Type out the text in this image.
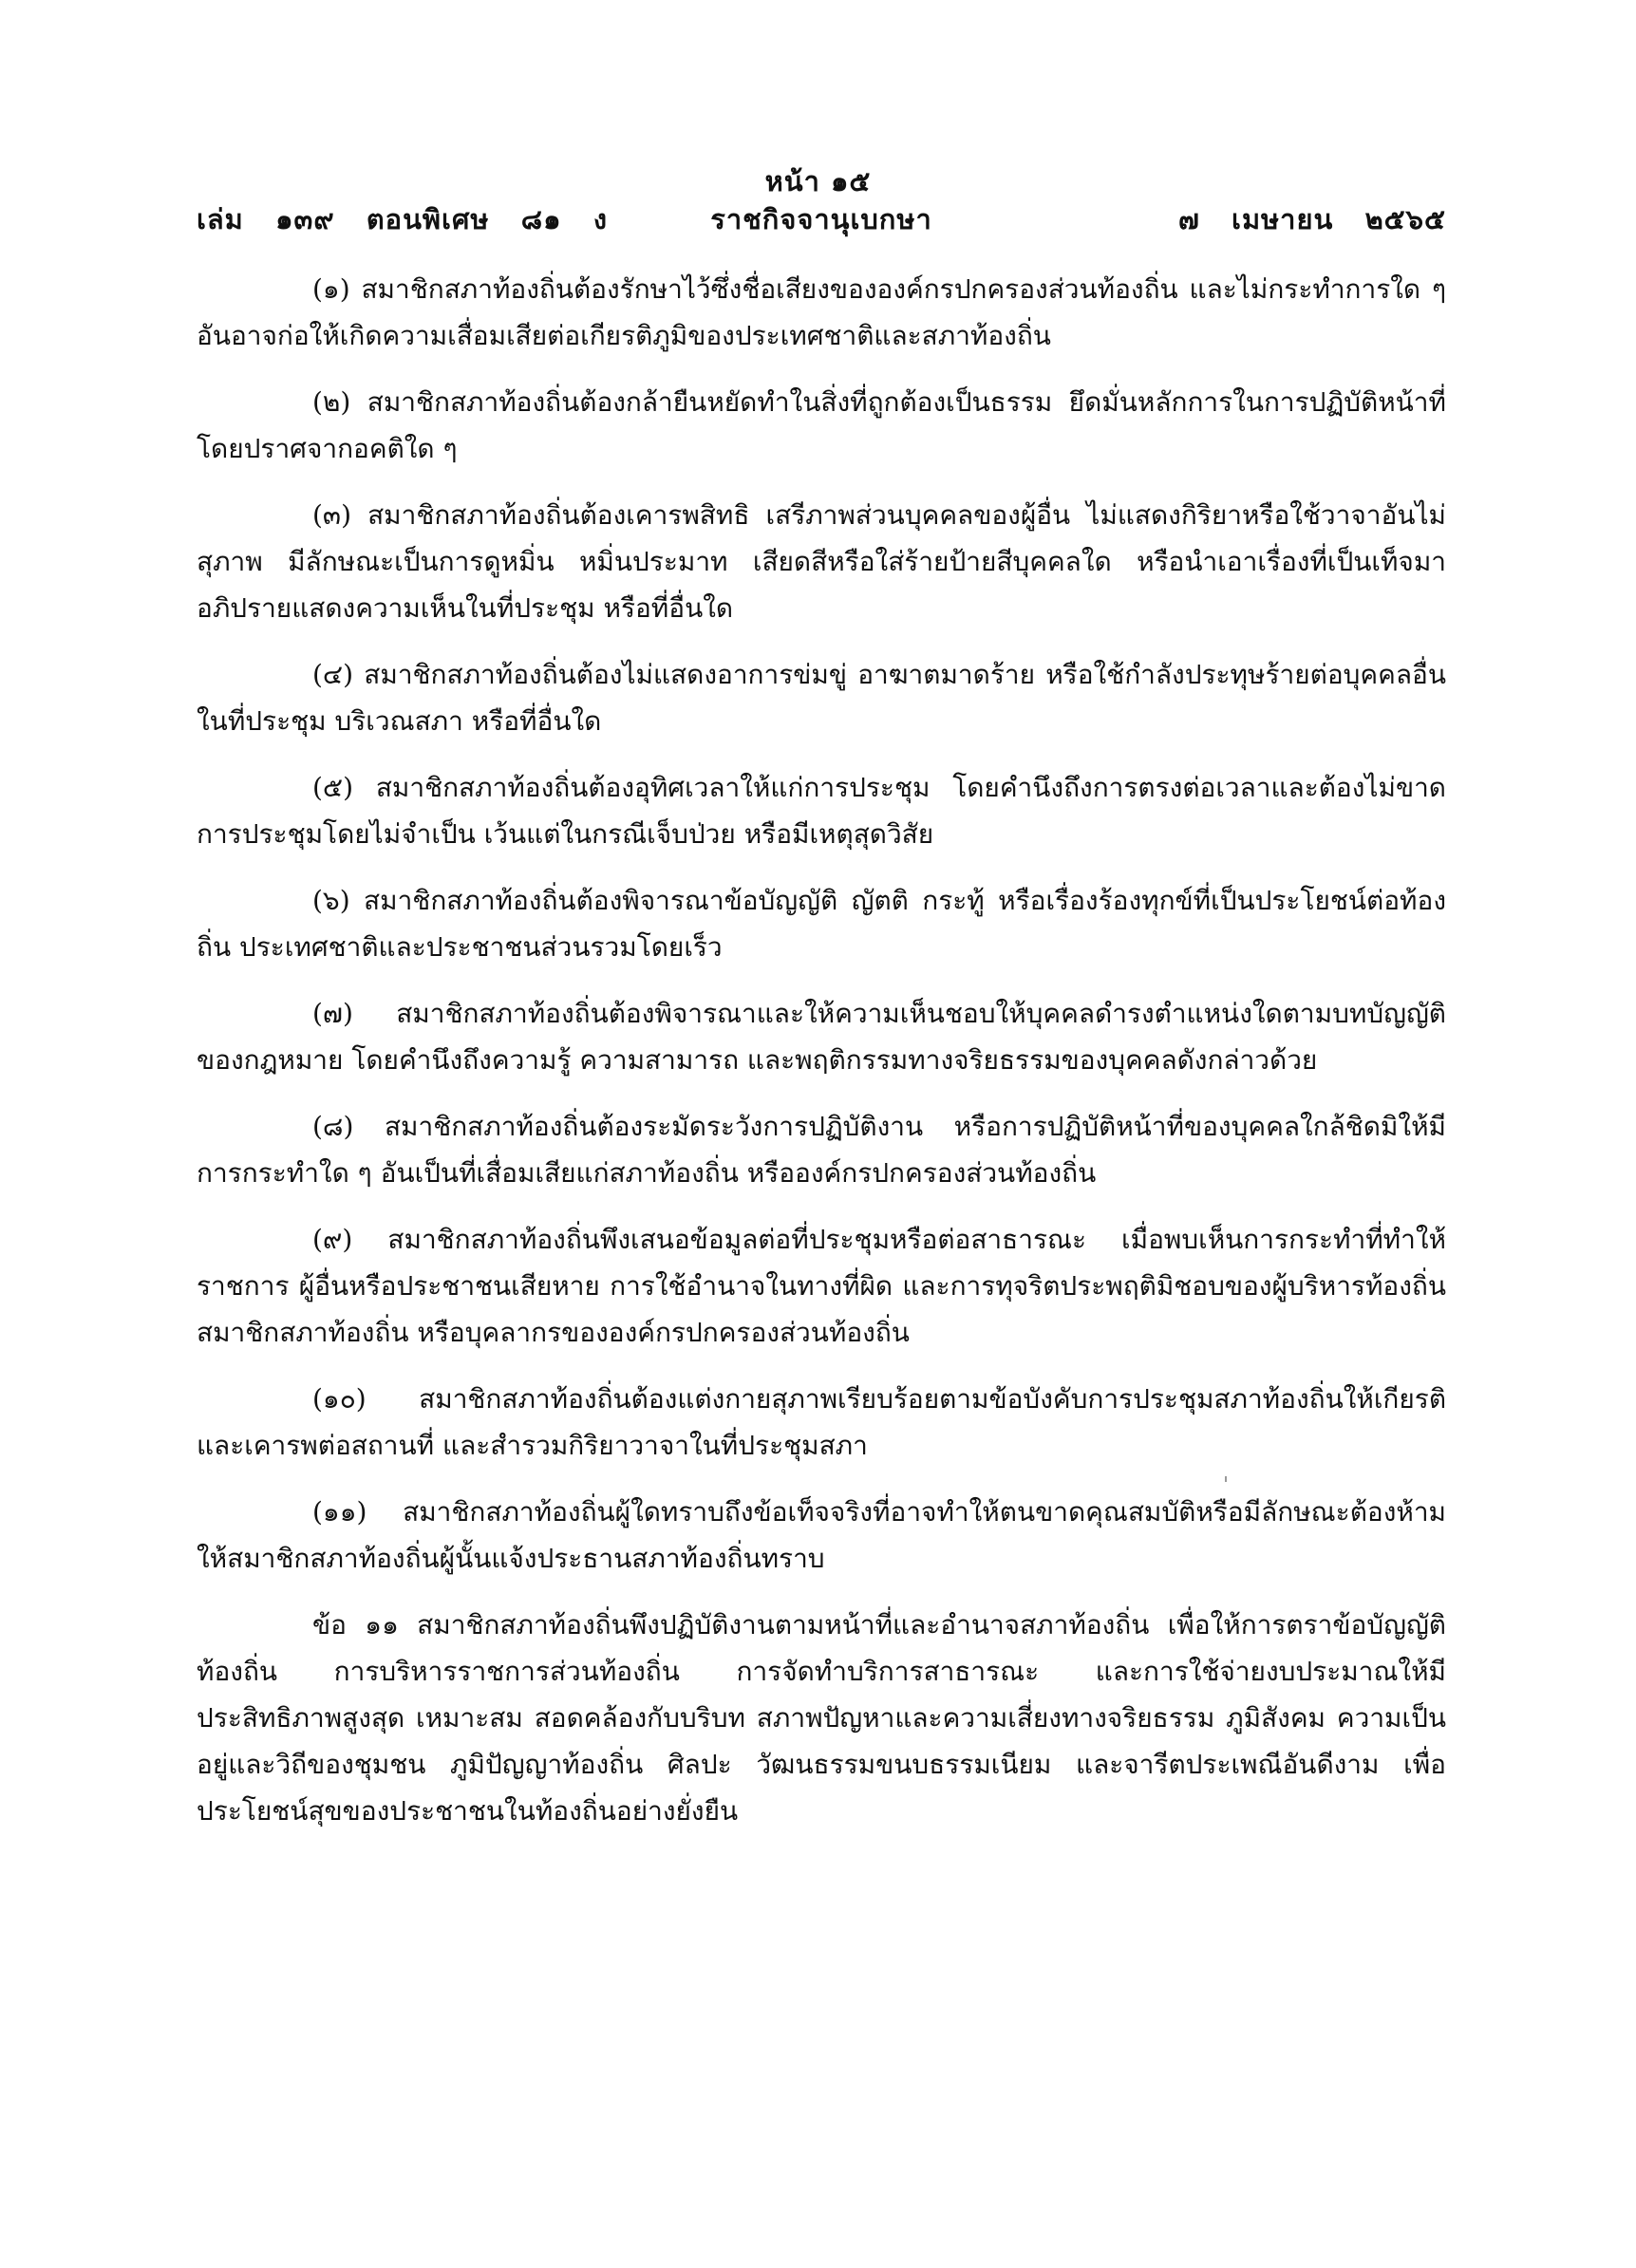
หน้า ๑๕
เล่ม   ๑๓๙   ตอนพิเศษ   ๘๑   ง	ราชกิจจานุเบกษา	๗   เมษายน   ๒๕๖๕

(๑) สมาชิกสภาท้องถิ่นต้องรักษาไว้ซึ่งชื่อเสียงขององค์กรปกครองส่วนท้องถิ่น และไม่กระทำการใด ๆ อันอาจก่อให้เกิดความเสื่อมเสียต่อเกียรติภูมิของประเทศชาติและสภาท้องถิ่น

(๒) สมาชิกสภาท้องถิ่นต้องกล้ายืนหยัดทำในสิ่งที่ถูกต้องเป็นธรรม ยึดมั่นหลักการในการปฏิบัติหน้าที่โดยปราศจากอคติใด ๆ

(๓) สมาชิกสภาท้องถิ่นต้องเคารพสิทธิ เสรีภาพส่วนบุคคลของผู้อื่น ไม่แสดงกิริยาหรือใช้วาจาอันไม่สุภาพ มีลักษณะเป็นการดูหมิ่น หมิ่นประมาท เสียดสีหรือใส่ร้ายป้ายสีบุคคลใด หรือนำเอาเรื่องที่เป็นเท็จมาอภิปรายแสดงความเห็นในที่ประชุม หรือที่อื่นใด

(๔) สมาชิกสภาท้องถิ่นต้องไม่แสดงอาการข่มขู่ อาฆาตมาดร้าย หรือใช้กำลังประทุษร้ายต่อบุคคลอื่นในที่ประชุม บริเวณสภา หรือที่อื่นใด

(๕) สมาชิกสภาท้องถิ่นต้องอุทิศเวลาให้แก่การประชุม โดยคำนึงถึงการตรงต่อเวลาและต้องไม่ขาดการประชุมโดยไม่จำเป็น เว้นแต่ในกรณีเจ็บป่วย หรือมีเหตุสุดวิสัย

(๖) สมาชิกสภาท้องถิ่นต้องพิจารณาข้อบัญญัติ ญัตติ กระทู้ หรือเรื่องร้องทุกข์ที่เป็นประโยชน์ต่อท้องถิ่น ประเทศชาติและประชาชนส่วนรวมโดยเร็ว

(๗) สมาชิกสภาท้องถิ่นต้องพิจารณาและให้ความเห็นชอบให้บุคคลดำรงตำแหน่งใดตามบทบัญญัติของกฎหมาย โดยคำนึงถึงความรู้ ความสามารถ และพฤติกรรมทางจริยธรรมของบุคคลดังกล่าวด้วย

(๘) สมาชิกสภาท้องถิ่นต้องระมัดระวังการปฏิบัติงาน หรือการปฏิบัติหน้าที่ของบุคคลใกล้ชิดมิให้มีการกระทำใด ๆ อันเป็นที่เสื่อมเสียแก่สภาท้องถิ่น หรือองค์กรปกครองส่วนท้องถิ่น

(๙) สมาชิกสภาท้องถิ่นพึงเสนอข้อมูลต่อที่ประชุมหรือต่อสาธารณะ เมื่อพบเห็นการกระทำที่ทำให้ราชการ ผู้อื่นหรือประชาชนเสียหาย การใช้อำนาจในทางที่ผิด และการทุจริตประพฤติมิชอบของผู้บริหารท้องถิ่น สมาชิกสภาท้องถิ่น หรือบุคลากรขององค์กรปกครองส่วนท้องถิ่น

(๑๐) สมาชิกสภาท้องถิ่นต้องแต่งกายสุภาพเรียบร้อยตามข้อบังคับการประชุมสภาท้องถิ่นให้เกียรติและเคารพต่อสถานที่ และสำรวมกิริยาวาจาในที่ประชุมสภา

(๑๑) สมาชิกสภาท้องถิ่นผู้ใดทราบถึงข้อเท็จจริงที่อาจทำให้ตนขาดคุณสมบัติหรือมีลักษณะต้องห้าม ให้สมาชิกสภาท้องถิ่นผู้นั้นแจ้งประธานสภาท้องถิ่นทราบ

ข้อ ๑๑ สมาชิกสภาท้องถิ่นพึงปฏิบัติงานตามหน้าที่และอำนาจสภาท้องถิ่น เพื่อให้การตราข้อบัญญัติท้องถิ่น การบริหารราชการส่วนท้องถิ่น การจัดทำบริการสาธารณะ และการใช้จ่ายงบประมาณให้มีประสิทธิภาพสูงสุด เหมาะสม สอดคล้องกับบริบท สภาพปัญหาและความเสี่ยงทางจริยธรรม ภูมิสังคม ความเป็นอยู่และวิถีของชุมชน ภูมิปัญญาท้องถิ่น ศิลปะ วัฒนธรรมขนบธรรมเนียม และจารีตประเพณีอันดีงาม เพื่อประโยชน์สุขของประชาชนในท้องถิ่นอย่างยั่งยืน
